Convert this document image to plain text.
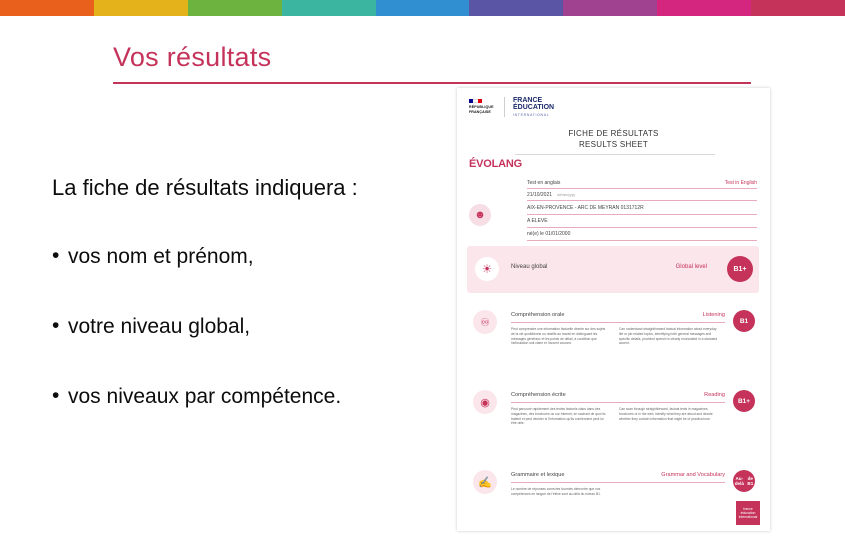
Vos résultats
La fiche de résultats indiquera :
• vos nom et prénom,
• votre niveau global,
• vos niveaux par compétence.
RÉPUBLIQUE
FRANÇAISE
FRANCE
ÉDUCATION
INTERNATIONAL
FICHE DE RÉSULTATS
RESULTS SHEET
ÉVOLANG
Test en anglais	Test in English
21/10/2021 dd/mm/yyyy
AIX-EN-PROVENCE - ARC DE MEYRAN 0131712R
☻	A ELEVE
né(e) le 01/01/2000
☀	Niveau global	Global level	B1+
♾
Compréhension orale	Listening
Peut comprendre une information factuelle directe sur des sujets de la vie quotidienne ou relatifs au travail en distinguant les messages généraux et les points de détail, à condition que l'articulation soit claire et l'accent courant.
Can understand straightforward factual information about everyday life or job related topics, identifying both general messages and specific details, provided speech is clearly enunciated in a standard accent.
B1
◉
Compréhension écrite	Reading
Peut parcourir rapidement des textes factuels clairs dans des magazines, des brochures ou sur Internet, en sachant de quoi ils traitent et peut décider si l'information qu'ils contiennent peut lui être utile.
Can scan through straightforward, factual texts in magazines, brochures or in the web, identify what they are about and decide whether they contain information that might be of practical use.
B1+
✍
Grammaire et lexique	Grammar and Vocabulary
Le nombre de réponses correctes fournies démontre que vos compétences en langue de l'élève sont au-delà du niveau B1.
Au-delà

de B1
france éducation international
